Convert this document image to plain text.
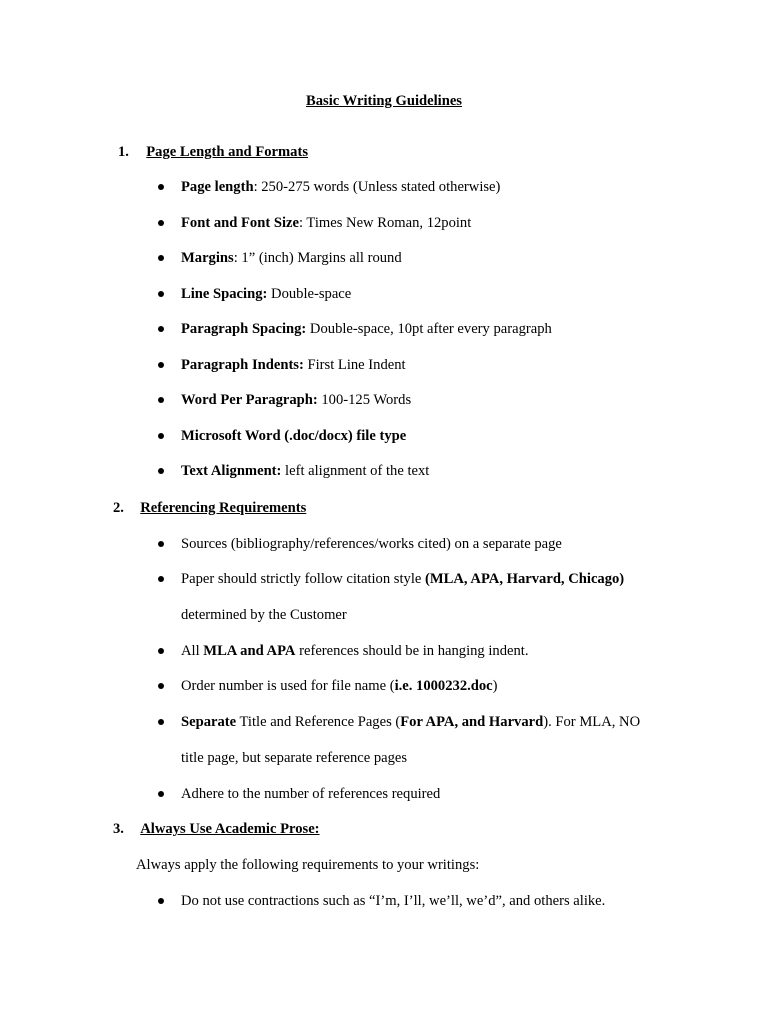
Basic Writing Guidelines
1. Page Length and Formats
Page length: 250-275 words (Unless stated otherwise)
Font and Font Size: Times New Roman, 12point
Margins: 1” (inch) Margins all round
Line Spacing: Double-space
Paragraph Spacing: Double-space, 10pt after every paragraph
Paragraph Indents: First Line Indent
Word Per Paragraph: 100-125 Words
Microsoft Word (.doc/docx) file type
Text Alignment: left alignment of the text
2. Referencing Requirements
Sources (bibliography/references/works cited) on a separate page
Paper should strictly follow citation style (MLA, APA, Harvard, Chicago)
determined by the Customer
All MLA and APA references should be in hanging indent.
Order number is used for file name (i.e. 1000232.doc)
Separate Title and Reference Pages (For APA, and Harvard). For MLA, NO
title page, but separate reference pages
Adhere to the number of references required
3. Always Use Academic Prose:
Always apply the following requirements to your writings:
Do not use contractions such as “I’m, I’ll, we’ll, we’d”, and others alike.
